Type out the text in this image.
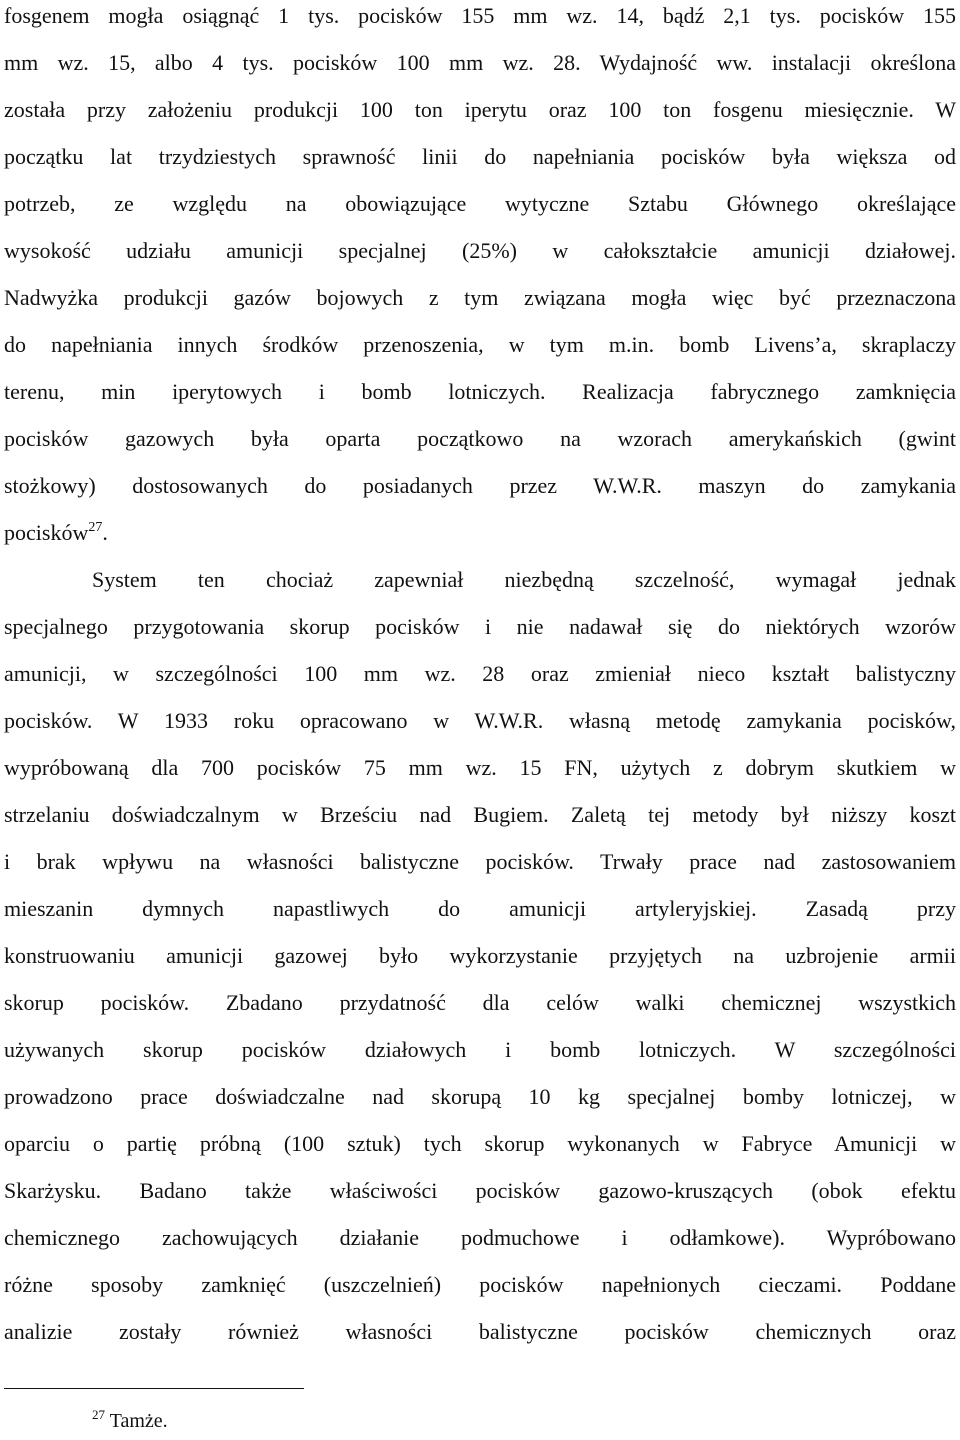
fosgenem mogła osiągnąć 1 tys. pocisków 155 mm wz. 14, bądź 2,1 tys. pocisków 155
mm wz. 15, albo 4 tys. pocisków 100 mm wz. 28. Wydajność ww. instalacji określona
została przy założeniu produkcji 100 ton iperytu oraz 100 ton fosgenu miesięcznie. W
początku lat trzydziestych sprawność linii do napełniania pocisków była większa od
potrzeb, ze względu na obowiązujące wytyczne Sztabu Głównego określające
wysokość udziału amunicji specjalnej (25%) w całokształcie amunicji działowej.
Nadwyżka produkcji gazów bojowych z tym związana mogła więc być przeznaczona
do napełniania innych środków przenoszenia, w tym m.in. bomb Livens’a, skraplaczy
terenu, min iperytowych i bomb lotniczych. Realizacja fabrycznego zamknięcia
pocisków gazowych była oparta początkowo na wzorach amerykańskich (gwint
stożkowy) dostosowanych do posiadanych przez W.W.R. maszyn do zamykania
pocisków$^{27}$.
System ten chociaż zapewniał niezbędną szczelność, wymagał jednak
specjalnego przygotowania skorup pocisków i nie nadawał się do niektórych wzorów
amunicji, w szczególności 100 mm wz. 28 oraz zmieniał nieco kształt balistyczny
pocisków. W 1933 roku opracowano w W.W.R. własną metodę zamykania pocisków,
wypróbowaną dla 700 pocisków 75 mm wz. 15 FN, użytych z dobrym skutkiem w
strzelaniu doświadczalnym w Brześciu nad Bugiem. Zaletą tej metody był niższy koszt
i brak wpływu na własności balistyczne pocisków. Trwały prace nad zastosowaniem
mieszanin dymnych napastliwych do amunicji artyleryjskiej. Zasadą przy
konstruowaniu amunicji gazowej było wykorzystanie przyjętych na uzbrojenie armii
skorup pocisków. Zbadano przydatność dla celów walki chemicznej wszystkich
używanych skorup pocisków działowych i bomb lotniczych. W szczególności
prowadzono prace doświadczalne nad skorupą 10 kg specjalnej bomby lotniczej, w
oparciu o partię próbną (100 sztuk) tych skorup wykonanych w Fabryce Amunicji w
Skarżysku. Badano także właściwości pocisków gazowo-kruszących (obok efektu
chemicznego zachowujących działanie podmuchowe i odłamkowe). Wypróbowano
różne sposoby zamknięć (uszczelnień) pocisków napełnionych cieczami. Poddane
analizie zostały również własności balistyczne pocisków chemicznych oraz
$^{27}$ Tamże.
